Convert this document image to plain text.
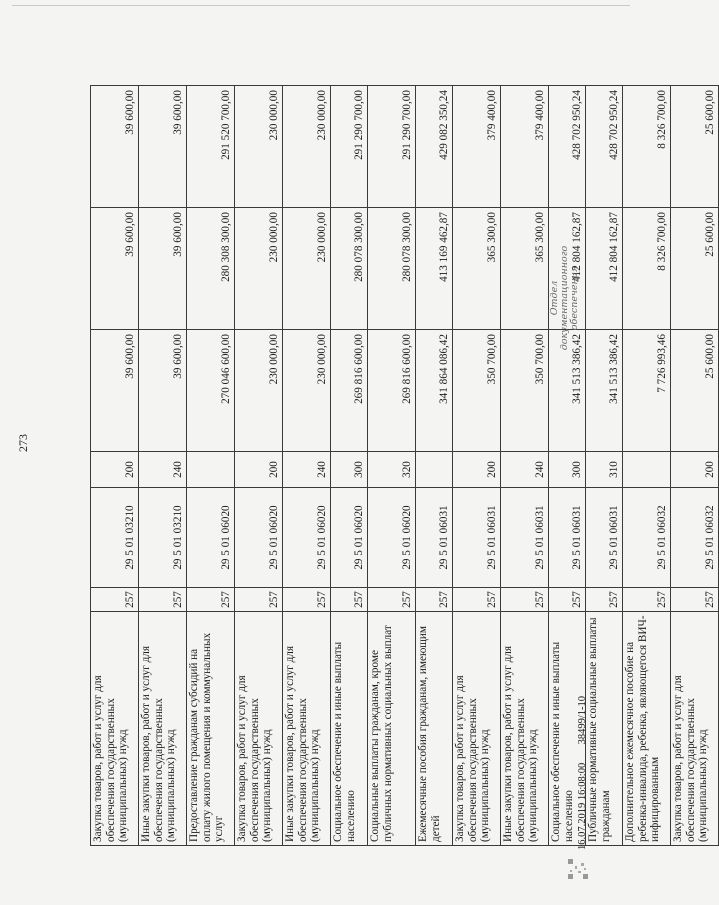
273
Закупка товаров, работ и услуг для обеспечения государственных (муниципальных) нужд	257	29 5 01 03210	200	39 600,00	39 600,00	39 600,00
Иные закупки товаров, работ и услуг для обеспечения государственных (муниципальных) нужд	257	29 5 01 03210	240	39 600,00	39 600,00	39 600,00
Предоставление гражданам субсидий на оплату жилого помещения и коммунальных услуг	257	29 5 01 06020		270 046 600,00	280 308 300,00	291 520 700,00
Закупка товаров, работ и услуг для обеспечения государственных (муниципальных) нужд	257	29 5 01 06020	200	230 000,00	230 000,00	230 000,00
Иные закупки товаров, работ и услуг для обеспечения государственных (муниципальных) нужд	257	29 5 01 06020	240	230 000,00	230 000,00	230 000,00
Социальное обеспечение и иные выплаты населению	257	29 5 01 06020	300	269 816 600,00	280 078 300,00	291 290 700,00
Социальные выплаты гражданам, кроме публичных нормативных социальных выплат	257	29 5 01 06020	320	269 816 600,00	280 078 300,00	291 290 700,00
Ежемесячные пособия гражданам, имеющим детей	257	29 5 01 06031		341 864 086,42	413 169 462,87	429 082 350,24
Закупка товаров, работ и услуг для обеспечения государственных (муниципальных) нужд	257	29 5 01 06031	200	350 700,00	365 300,00	379 400,00
Иные закупки товаров, работ и услуг для обеспечения государственных (муниципальных) нужд	257	29 5 01 06031	240	350 700,00	365 300,00	379 400,00
Социальное обеспечение и иные выплаты населению	257	29 5 01 06031	300	341 513 386,42	412 804 162,87	428 702 950,24
Публичные нормативные социальные выплаты гражданам	257	29 5 01 06031	310	341 513 386,42	412 804 162,87	428 702 950,24
Дополнительное ежемесячное пособие на ребенка-инвалида, ребенка, являющегося ВИЧ-инфицированным	257	29 5 01 06032		7 726 993,46	8 326 700,00	8 326 700,00
Закупка товаров, работ и услуг для обеспечения государственных (муниципальных) нужд	257	29 5 01 06032	200	25 600,00	25 600,00	25 600,00
16.07.2019 16:08:00       38499/1-10
Отдел документационного обеспечения
